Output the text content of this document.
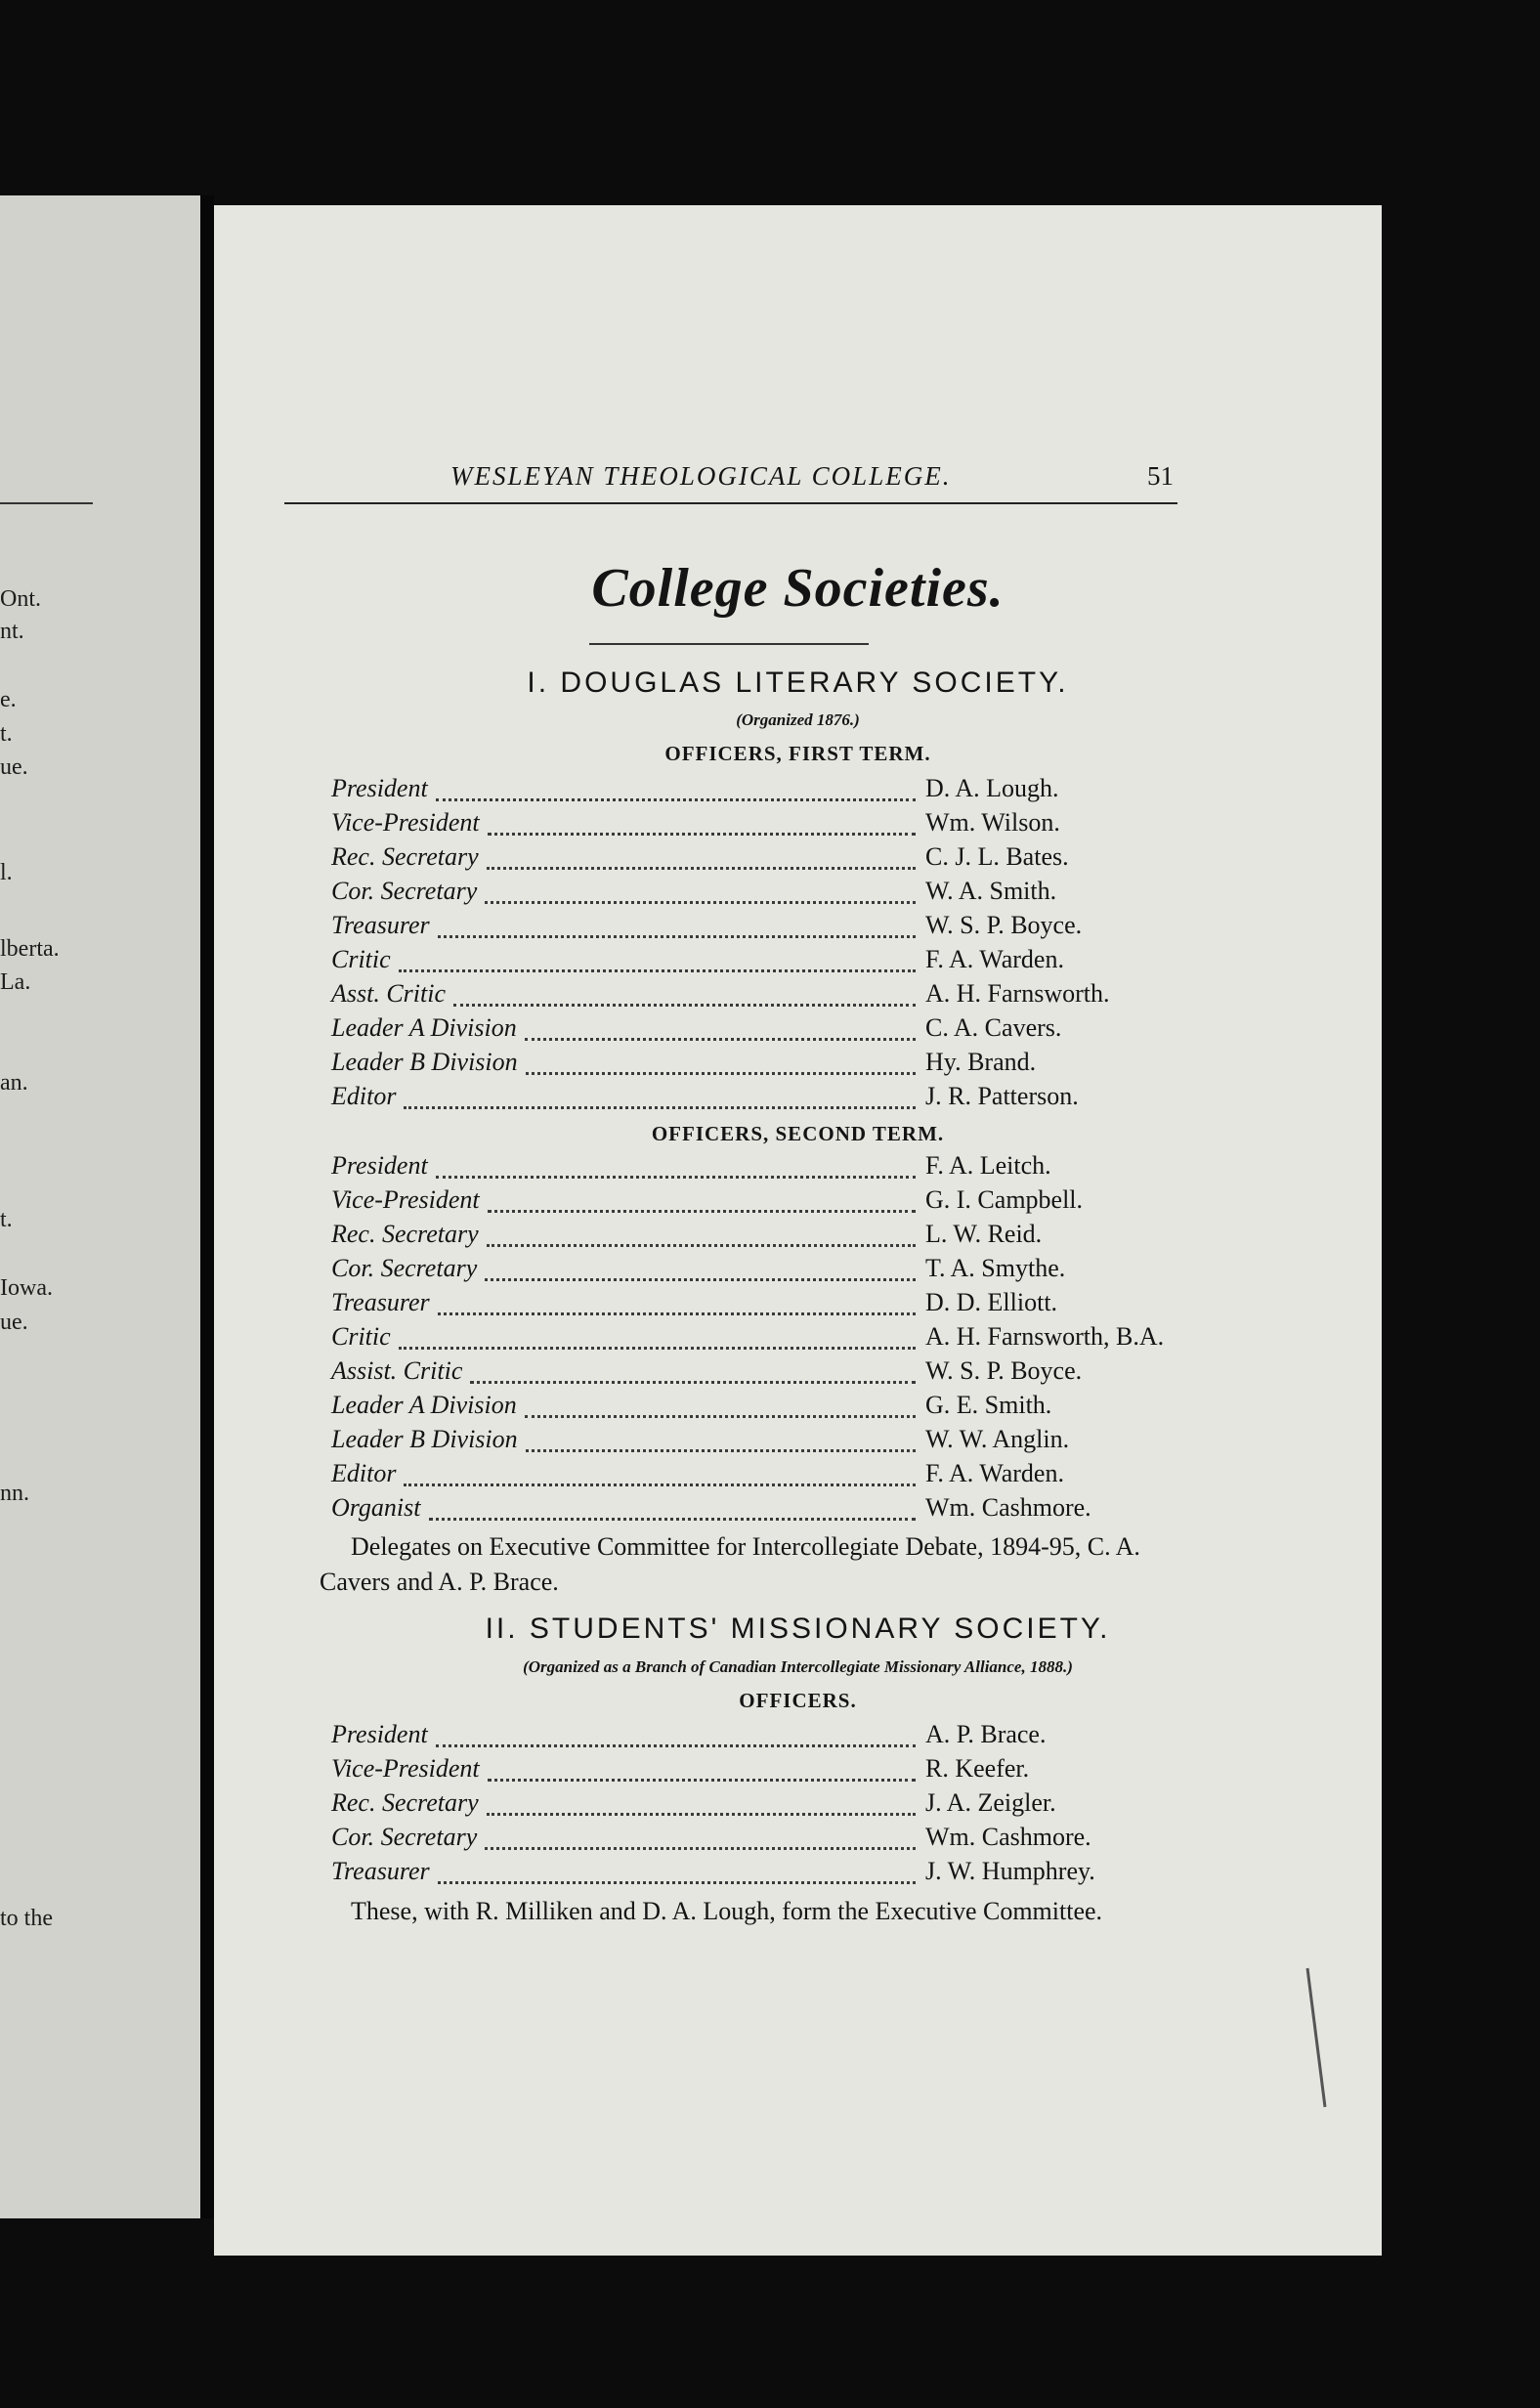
Ont.
nt.
e.
t.
ue.
l.
lberta.
La.
an.
t.
Iowa.
ue.
nn.
to the
WESLEYAN THEOLOGICAL COLLEGE.	51
College Societies.
I. DOUGLAS LITERARY SOCIETY.
(Organized 1876.)
OFFICERS, FIRST TERM.
President	D. A. Lough.
Vice-President	Wm. Wilson.
Rec. Secretary	C. J. L. Bates.
Cor. Secretary	W. A. Smith.
Treasurer	W. S. P. Boyce.
Critic	F. A. Warden.
Asst. Critic	A. H. Farnsworth.
Leader A Division	C. A. Cavers.
Leader B Division	Hy. Brand.
Editor	J. R. Patterson.
OFFICERS, SECOND TERM.
President	F. A. Leitch.
Vice-President	G. I. Campbell.
Rec. Secretary	L. W. Reid.
Cor. Secretary	T. A. Smythe.
Treasurer	D. D. Elliott.
Critic	A. H. Farnsworth, B.A.
Assist. Critic	W. S. P. Boyce.
Leader A Division	G. E. Smith.
Leader B Division	W. W. Anglin.
Editor	F. A. Warden.
Organist	Wm. Cashmore.
Delegates on Executive Committee for Intercollegiate Debate, 1894-95, C. A. Cavers and A. P. Brace.
II. STUDENTS' MISSIONARY SOCIETY.
(Organized as a Branch of Canadian Intercollegiate Missionary Alliance, 1888.)
OFFICERS.
President	A. P. Brace.
Vice-President	R. Keefer.
Rec. Secretary	J. A. Zeigler.
Cor. Secretary	Wm. Cashmore.
Treasurer	J. W. Humphrey.
These, with R. Milliken and D. A. Lough, form the Executive Committee.
